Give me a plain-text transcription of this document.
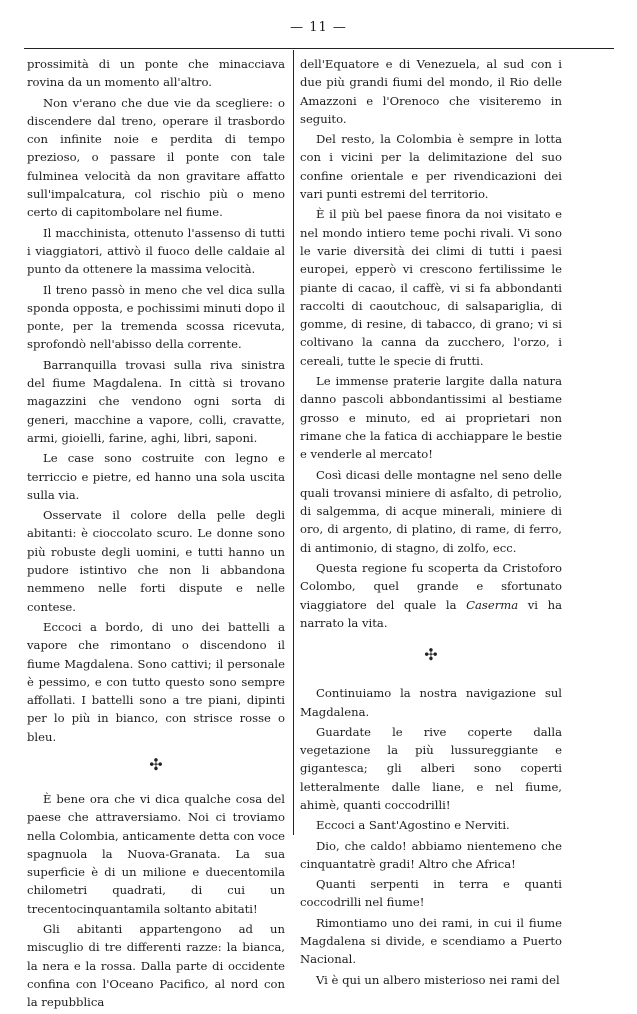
— 11 —

prossimità di un ponte che minacciava rovina da un momento all'altro.

Non v'erano che due vie da scegliere: o discendere dal treno, operare il trasbordo con infinite noie e perdita di tempo prezioso, o passare il ponte con tale fulminea velocità da non gravitare affatto sull'impalcatura, col rischio più o meno certo di capitombolare nel fiume.

Il macchinista, ottenuto l'assenso di tutti i viaggiatori, attivò il fuoco delle caldaie al punto da ottenere la massima velocità.

Il treno passò in meno che vel dica sulla sponda opposta, e pochissimi minuti dopo il ponte, per la tremenda scossa ricevuta, sprofondò nell'abisso della corrente.

Barranquilla trovasi sulla riva sinistra del fiume Magdalena. In città si trovano magazzini che vendono ogni sorta di generi, macchine a vapore, colli, cravatte, armi, gioielli, farine, aghi, libri, saponi.

Le case sono costruite con legno e terriccio e pietre, ed hanno una sola uscita sulla via.

Osservate il colore della pelle degli abitanti: è cioccolato scuro. Le donne sono più robuste degli uomini, e tutti hanno un pudore istintivo che non li abbandona nemmeno nelle forti dispute e nelle contese.

Eccoci a bordo, di uno dei battelli a vapore che rimontano o discendono il fiume Magdalena. Sono cattivi; il personale è pessimo, e con tutto questo sono sempre affollati. I battelli sono a tre piani, dipinti per lo più in bianco, con strisce rosse o bleu.

✣

È bene ora che vi dica qualche cosa del paese che attraversiamo. Noi ci troviamo nella Colombia, anticamente detta con voce spagnuola la Nuova-Granata. La sua superficie è di un milione e duecentomila chilometri quadrati, di cui un trecentocinquantamila soltanto abitati!

Gli abitanti appartengono ad un miscuglio di tre differenti razze: la bianca, la nera e la rossa. Dalla parte di occidente confina con l'Oceano Pacifico, al nord con la repubblica

dell'Equatore e di Venezuela, al sud con i due più grandi fiumi del mondo, il Rio delle Amazzoni e l'Orenoco che visiteremo in seguito.

Del resto, la Colombia è sempre in lotta con i vicini per la delimitazione del suo confine orientale e per rivendicazioni dei vari punti estremi del territorio.

È il più bel paese finora da noi visitato e nel mondo intiero teme pochi rivali. Vi sono le varie diversità dei climi di tutti i paesi europei, epperò vi crescono fertilissime le piante di cacao, il caffè, vi si fa abbondanti raccolti di caoutchouc, di salsapariglia, di gomme, di resine, di tabacco, di grano; vi si coltivano la canna da zucchero, l'orzo, i cereali, tutte le specie di frutti.

Le immense praterie largite dalla natura danno pascoli abbondantissimi al bestiame grosso e minuto, ed ai proprietari non rimane che la fatica di acchiappare le bestie e venderle al mercato!

Così dicasi delle montagne nel seno delle quali trovansi miniere di asfalto, di petrolio, di salgemma, di acque minerali, miniere di oro, di argento, di platino, di rame, di ferro, di antimonio, di stagno, di zolfo, ecc.

Questa regione fu scoperta da Cristoforo Colombo, quel grande e sfortunato viaggiatore del quale la Caserma vi ha narrato la vita.

✣

Continuiamo la nostra navigazione sul Magdalena.

Guardate le rive coperte dalla vegetazione la più lussureggiante e gigantesca; gli alberi sono coperti letteralmente dalle liane, e nel fiume, ahimè, quanti coccodrilli!

Eccoci a Sant'Agostino e Nerviti.

Dio, che caldo! abbiamo nientemeno che cinquantatrè gradi! Altro che Africa!

Quanti serpenti in terra e quanti coccodrilli nel fiume!

Rimontiamo uno dei rami, in cui il fiume Magdalena si divide, e scendiamo a Puerto Nacional.

Vi è qui un albero misterioso nei rami del
